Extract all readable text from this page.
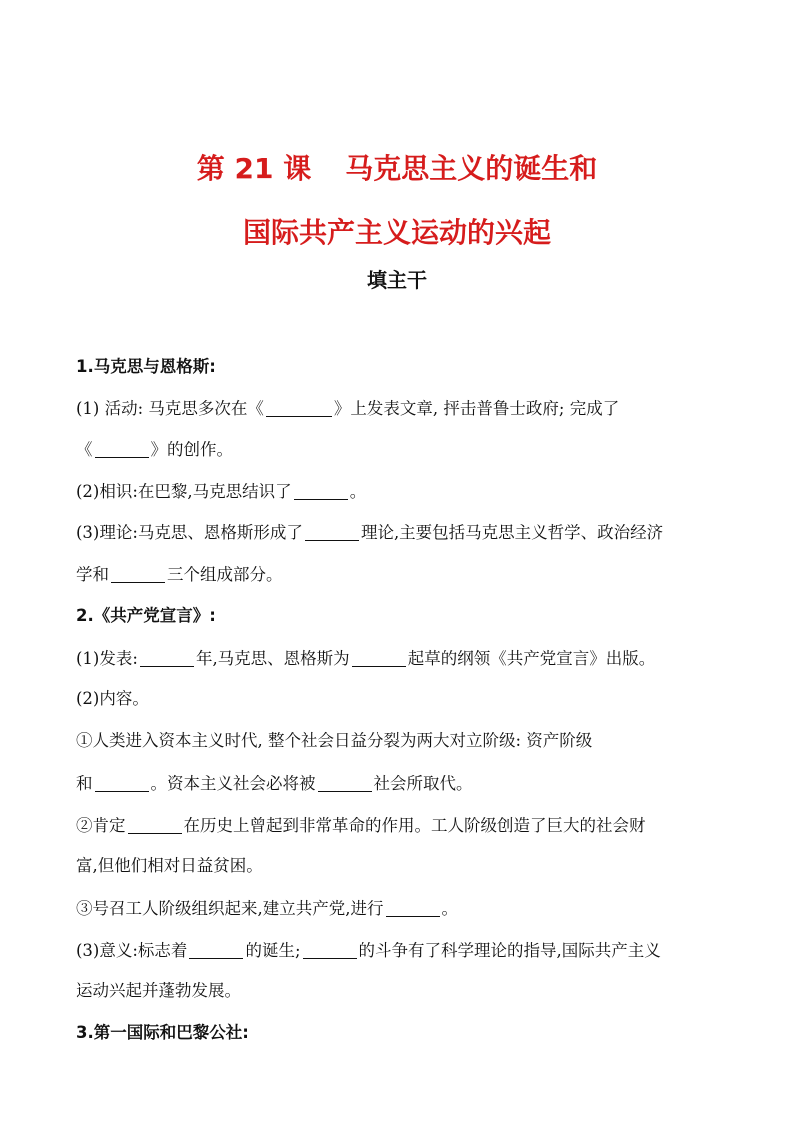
第 21 课 马克思主义的诞生和
国际共产主义运动的兴起
填主干
1.马克思与恩格斯:
(1) 活动: 马克思多次在《	》上发表文章, 抨击普鲁士政府; 完成了
《	》的创作。
(2)相识:在巴黎,马克思结识了	。
(3)理论:马克思、恩格斯形成了	理论,主要包括马克思主义哲学、政治经济
学和	三个组成部分。
2.《共产党宣言》:
(1)发表:	年,马克思、恩格斯为	起草的纲领《共产党宣言》出版。
(2)内容。
①人类进入资本主义时代, 整个社会日益分裂为两大对立阶级: 资产阶级
和	。资本主义社会必将被	社会所取代。
②肯定	在历史上曾起到非常革命的作用。工人阶级创造了巨大的社会财
富,但他们相对日益贫困。
③号召工人阶级组织起来,建立共产党,进行	。
(3)意义:标志着	的诞生;	的斗争有了科学理论的指导,国际共产主义
运动兴起并蓬勃发展。
3.第一国际和巴黎公社:
